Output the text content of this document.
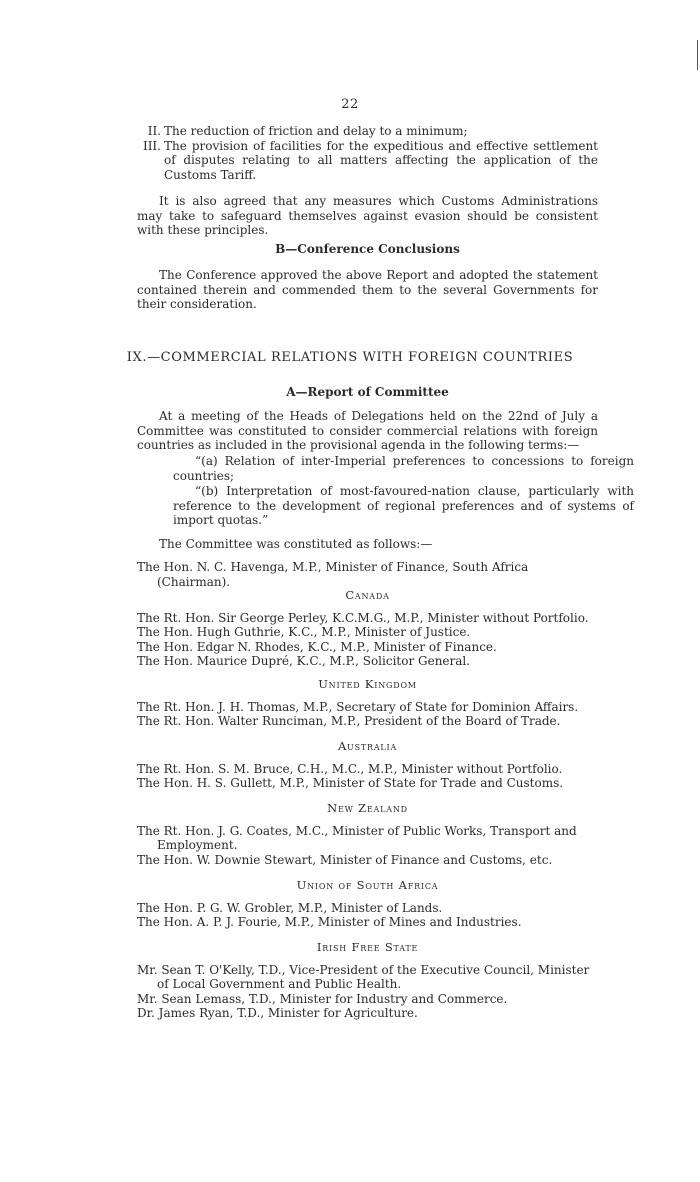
22
II. The reduction of friction and delay to a minimum;
III. The provision of facilities for the expeditious and effective settlement of disputes relating to all matters affecting the application of the Customs Tariff.
It is also agreed that any measures which Customs Administrations may take to safeguard themselves against evasion should be consistent with these principles.
B—Conference Conclusions
The Conference approved the above Report and adopted the statement contained therein and commended them to the several Governments for their consideration.
IX.—COMMERCIAL RELATIONS WITH FOREIGN COUNTRIES
A—Report of Committee
At a meeting of the Heads of Delegations held on the 22nd of July a Committee was constituted to consider commercial relations with foreign countries as included in the provisional agenda in the following terms:—
“(a) Relation of inter-Imperial preferences to concessions to foreign countries;
“(b) Interpretation of most-favoured-nation clause, particularly with reference to the development of regional preferences and of systems of import quotas.”
The Committee was constituted as follows:—
The Hon. N. C. Havenga, M.P., Minister of Finance, South Africa (Chairman).
Canada
The Rt. Hon. Sir George Perley, K.C.M.G., M.P., Minister without Portfolio.
The Hon. Hugh Guthrie, K.C., M.P., Minister of Justice.
The Hon. Edgar N. Rhodes, K.C., M.P., Minister of Finance.
The Hon. Maurice Dupré, K.C., M.P., Solicitor General.
United Kingdom
The Rt. Hon. J. H. Thomas, M.P., Secretary of State for Dominion Affairs.
The Rt. Hon. Walter Runciman, M.P., President of the Board of Trade.
Australia
The Rt. Hon. S. M. Bruce, C.H., M.C., M.P., Minister without Portfolio.
The Hon. H. S. Gullett, M.P., Minister of State for Trade and Customs.
New Zealand
The Rt. Hon. J. G. Coates, M.C., Minister of Public Works, Transport and Employment.
The Hon. W. Downie Stewart, Minister of Finance and Customs, etc.
Union of South Africa
The Hon. P. G. W. Grobler, M.P., Minister of Lands.
The Hon. A. P. J. Fourie, M.P., Minister of Mines and Industries.
Irish Free State
Mr. Sean T. O'Kelly, T.D., Vice-President of the Executive Council, Minister of Local Government and Public Health.
Mr. Sean Lemass, T.D., Minister for Industry and Commerce.
Dr. James Ryan, T.D., Minister for Agriculture.
